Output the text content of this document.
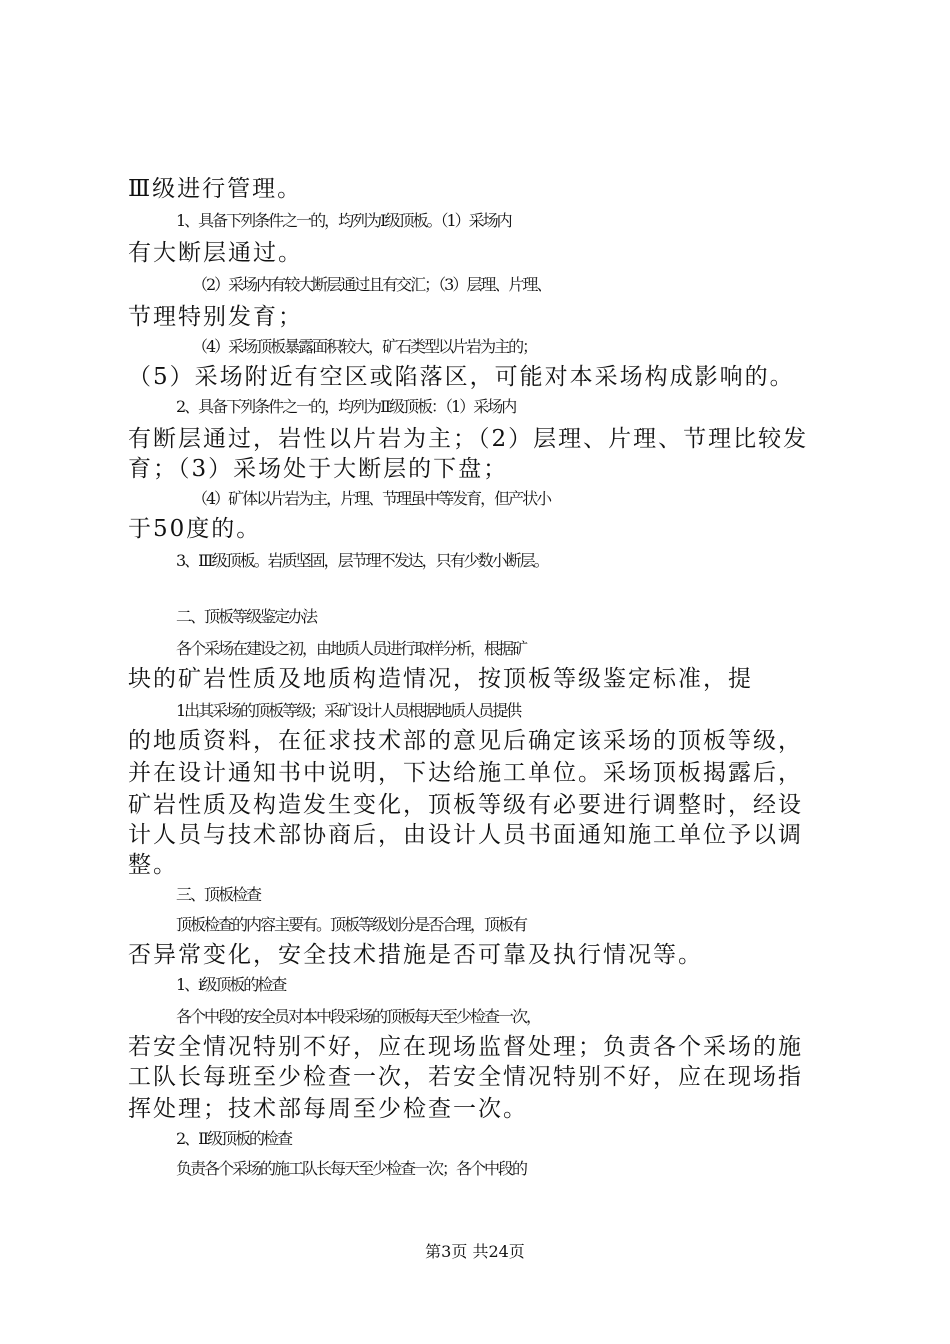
Ⅲ级进行管理。
1、具备下列条件之一的，均列为Ⅰ级顶板。（1）采场内
有大断层通过。
（2）采场内有较大断层通过且有交汇；（3）层理、片理、
节理特别发育；
（4）采场顶板暴露面积较大，矿石类型以片岩为主的；
（5）采场附近有空区或陷落区，可能对本采场构成影响的。
2、具备下列条件之一的，均列为Ⅱ级顶板：（1）采场内
有断层通过，岩性以片岩为主；（2）层理、片理、节理比较发
育；（3）采场处于大断层的下盘；
（4）矿体以片岩为主，片理、节理虽中等发育，但产状小
于50度的。
3、Ⅲ级顶板。岩质坚固，层节理不发达，只有少数小断层。
二、顶板等级鉴定办法
各个采场在建设之初，由地质人员进行取样分析，根据矿
块的矿岩性质及地质构造情况，按顶板等级鉴定标准，提
1出其采场的顶板等级；采矿设计人员根据地质人员提供
的地质资料，在征求技术部的意见后确定该采场的顶板等级，
并在设计通知书中说明，下达给施工单位。采场顶板揭露后，
矿岩性质及构造发生变化，顶板等级有必要进行调整时，经设
计人员与技术部协商后，由设计人员书面通知施工单位予以调
整。
三、顶板检查
顶板检查的内容主要有。顶板等级划分是否合理，顶板有
否异常变化，安全技术措施是否可靠及执行情况等。
1、i级顶板的检查
各个中段的安全员对本中段采场的顶板每天至少检查一次，
若安全情况特别不好，应在现场监督处理；负责各个采场的施
工队长每班至少检查一次，若安全情况特别不好，应在现场指
挥处理；技术部每周至少检查一次。
2、Ⅱ级顶板的检查
负责各个采场的施工队长每天至少检查一次；各个中段的
第3页 共24页
